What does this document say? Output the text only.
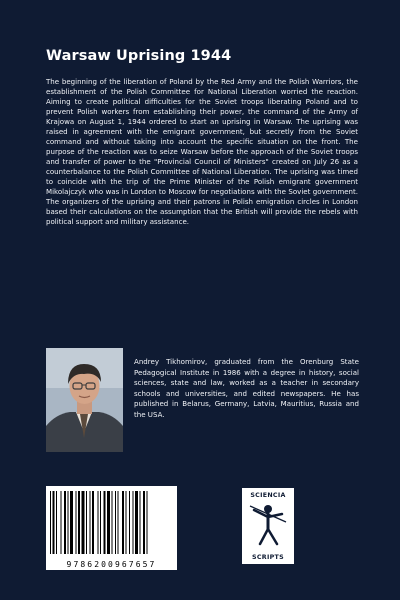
Warsaw Uprising 1944

The beginning of the liberation of Poland by the Red Army and the Polish Warriors, the establishment of the Polish Committee for National Liberation worried the reaction. Aiming to create political difficulties for the Soviet troops liberating Poland and to prevent Polish workers from establishing their power, the command of the Army of Krajowa on August 1, 1944 ordered to start an uprising in Warsaw. The uprising was raised in agreement with the emigrant government, but secretly from the Soviet command and without taking into account the specific situation on the front. The purpose of the reaction was to seize Warsaw before the approach of the Soviet troops and transfer of power to the "Provincial Council of Ministers" created on July 26 as a counterbalance to the Polish Committee of National Liberation. The uprising was timed to coincide with the trip of the Prime Minister of the Polish emigrant government Mikolajczyk who was in London to Moscow for negotiations with the Soviet government. The organizers of the uprising and their patrons in Polish emigration circles in London based their calculations on the assumption that the British will provide the rebels with political support and military assistance.

Andrey Tikhomirov, graduated from the Orenburg State Pedagogical Institute in 1986 with a degree in history, social sciences, state and law, worked as a teacher in secondary schools and universities, and edited newspapers. He has published in Belarus, Germany, Latvia, Mauritius, Russia and the USA.

9786200967657
SCIENCIA
SCRIPTS
